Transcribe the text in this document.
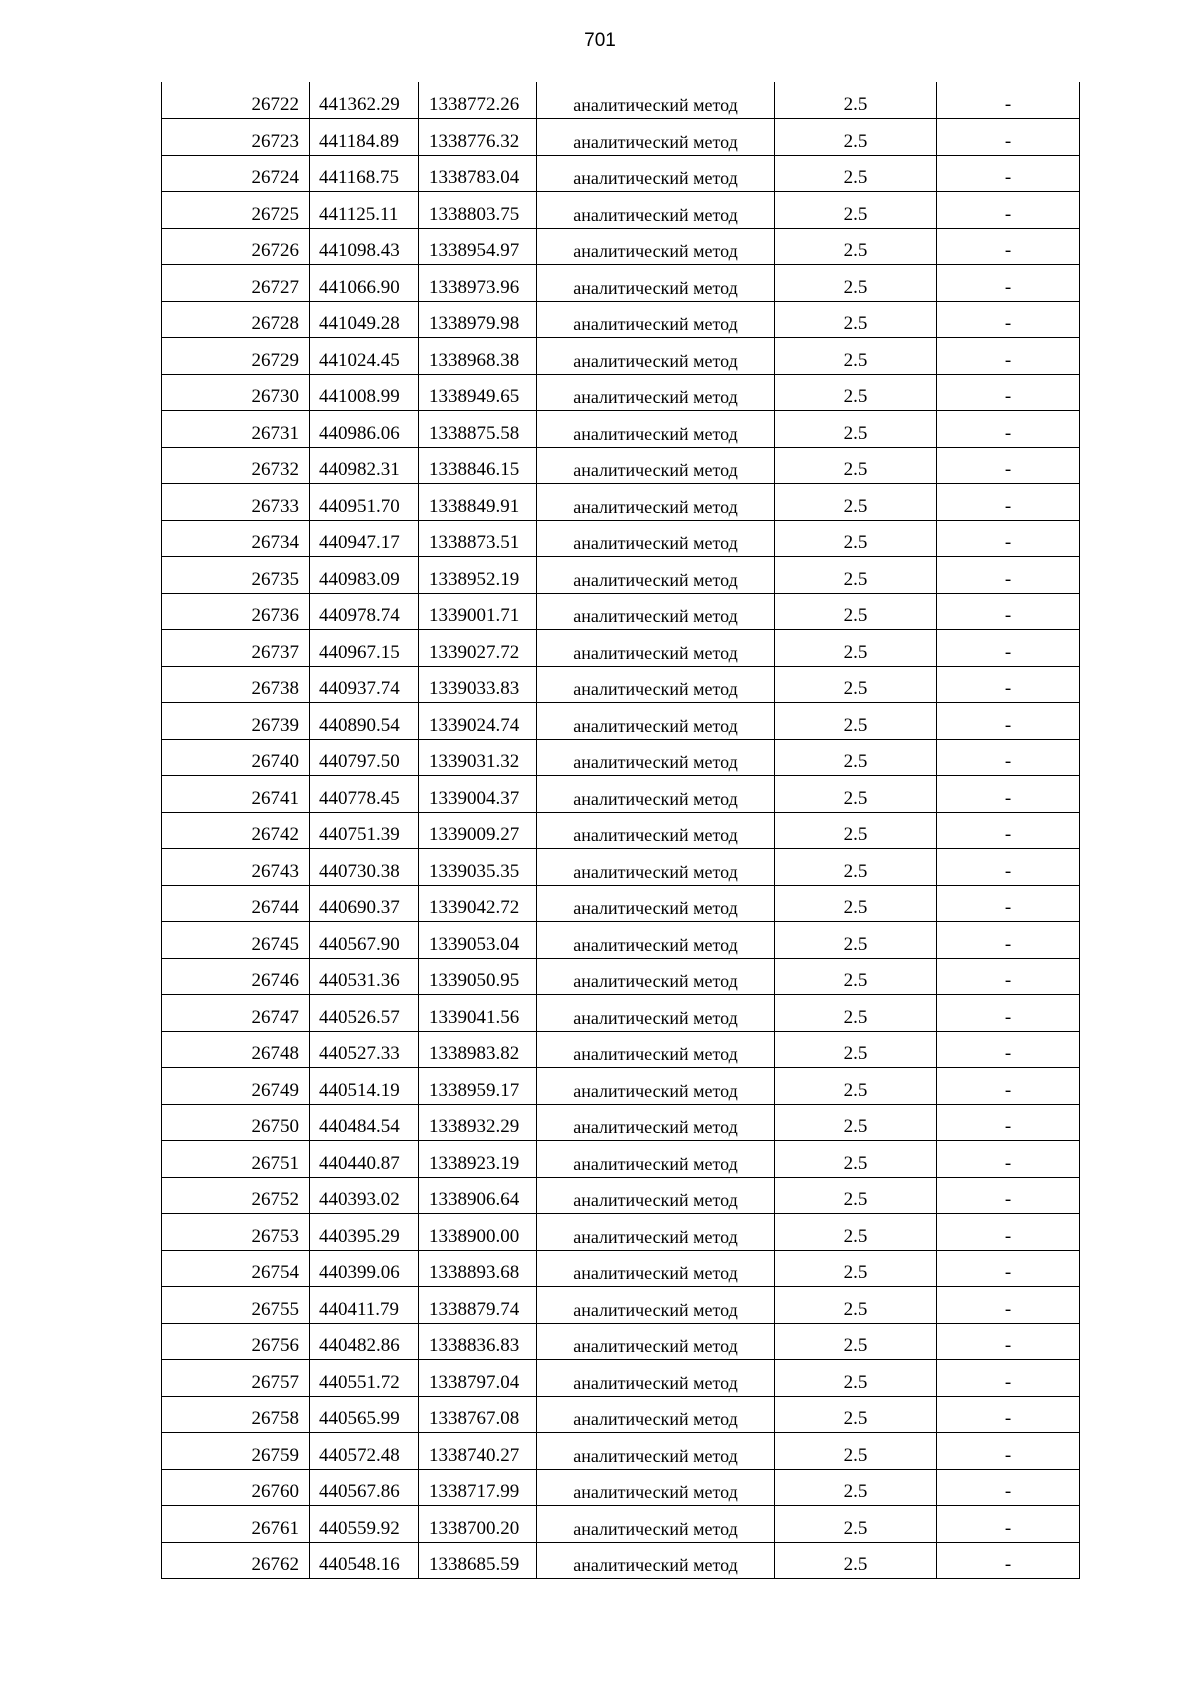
701
26722	441362.29	1338772.26	аналитический метод	2.5	-
26723	441184.89	1338776.32	аналитический метод	2.5	-
26724	441168.75	1338783.04	аналитический метод	2.5	-
26725	441125.11	1338803.75	аналитический метод	2.5	-
26726	441098.43	1338954.97	аналитический метод	2.5	-
26727	441066.90	1338973.96	аналитический метод	2.5	-
26728	441049.28	1338979.98	аналитический метод	2.5	-
26729	441024.45	1338968.38	аналитический метод	2.5	-
26730	441008.99	1338949.65	аналитический метод	2.5	-
26731	440986.06	1338875.58	аналитический метод	2.5	-
26732	440982.31	1338846.15	аналитический метод	2.5	-
26733	440951.70	1338849.91	аналитический метод	2.5	-
26734	440947.17	1338873.51	аналитический метод	2.5	-
26735	440983.09	1338952.19	аналитический метод	2.5	-
26736	440978.74	1339001.71	аналитический метод	2.5	-
26737	440967.15	1339027.72	аналитический метод	2.5	-
26738	440937.74	1339033.83	аналитический метод	2.5	-
26739	440890.54	1339024.74	аналитический метод	2.5	-
26740	440797.50	1339031.32	аналитический метод	2.5	-
26741	440778.45	1339004.37	аналитический метод	2.5	-
26742	440751.39	1339009.27	аналитический метод	2.5	-
26743	440730.38	1339035.35	аналитический метод	2.5	-
26744	440690.37	1339042.72	аналитический метод	2.5	-
26745	440567.90	1339053.04	аналитический метод	2.5	-
26746	440531.36	1339050.95	аналитический метод	2.5	-
26747	440526.57	1339041.56	аналитический метод	2.5	-
26748	440527.33	1338983.82	аналитический метод	2.5	-
26749	440514.19	1338959.17	аналитический метод	2.5	-
26750	440484.54	1338932.29	аналитический метод	2.5	-
26751	440440.87	1338923.19	аналитический метод	2.5	-
26752	440393.02	1338906.64	аналитический метод	2.5	-
26753	440395.29	1338900.00	аналитический метод	2.5	-
26754	440399.06	1338893.68	аналитический метод	2.5	-
26755	440411.79	1338879.74	аналитический метод	2.5	-
26756	440482.86	1338836.83	аналитический метод	2.5	-
26757	440551.72	1338797.04	аналитический метод	2.5	-
26758	440565.99	1338767.08	аналитический метод	2.5	-
26759	440572.48	1338740.27	аналитический метод	2.5	-
26760	440567.86	1338717.99	аналитический метод	2.5	-
26761	440559.92	1338700.20	аналитический метод	2.5	-
26762	440548.16	1338685.59	аналитический метод	2.5	-
